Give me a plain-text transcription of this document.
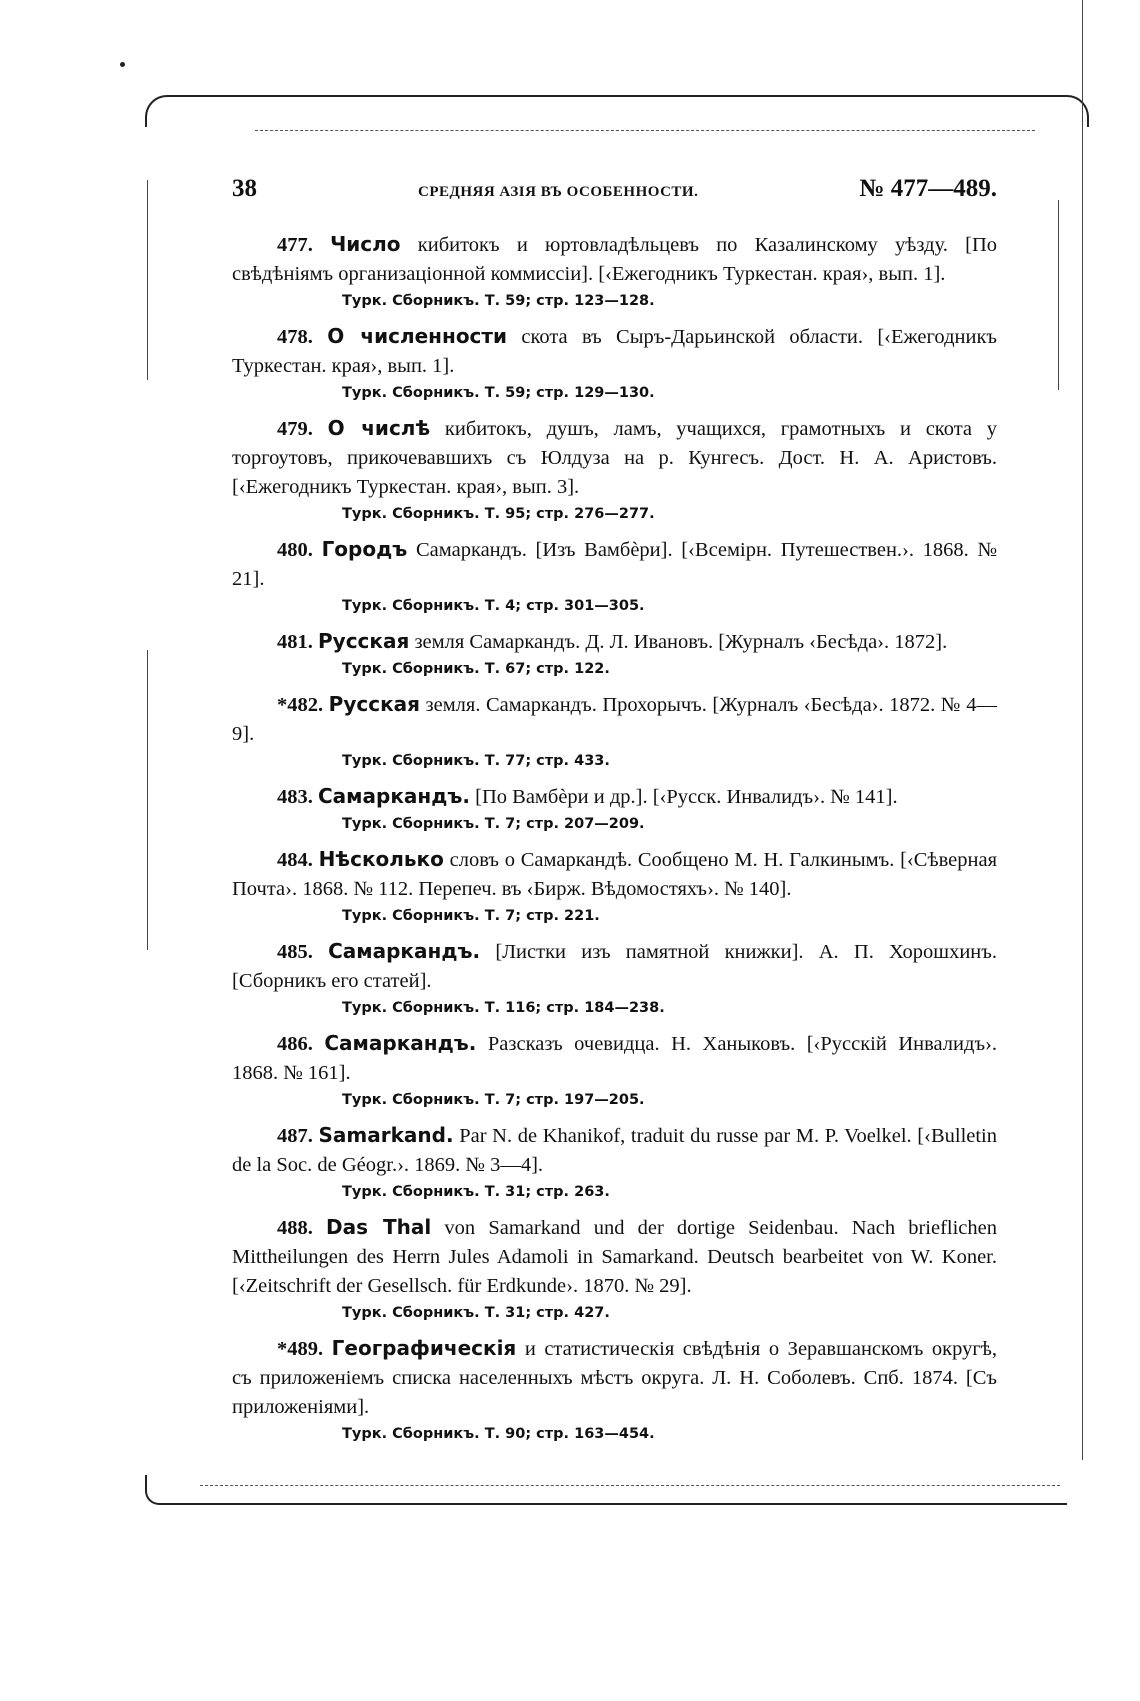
38	СРЕДНЯЯ АЗІЯ ВЪ ОСОБЕННОСТИ.	№ 477—489.
477. Число кибитокъ и юртовладѣльцевъ по Казалинскому уѣзду. [По свѣдѣніямъ организаціонной коммиссіи]. [‹Ежегодникъ Туркестан. края›, вып. 1].
Турк. Сборникъ. Т. 59; стр. 123—128.
478. О численности скота въ Сыръ-Дарьинской области. [‹Ежегодникъ Туркестан. края›, вып. 1].
Турк. Сборникъ. Т. 59; стр. 129—130.
479. О числѣ кибитокъ, душъ, ламъ, учащихся, грамотныхъ и скота у торгоутовъ, прикочевавшихъ съ Юлдуза на р. Кунгесъ. Дост. Н. А. Аристовъ. [‹Ежегодникъ Туркестан. края›, вып. 3].
Турк. Сборникъ. Т. 95; стр. 276—277.
480. Городъ Самаркандъ. [Изъ Вамбѐри]. [‹Всемірн. Путешествен.›. 1868. № 21].
Турк. Сборникъ. Т. 4; стр. 301—305.
481. Русская земля Самаркандъ. Д. Л. Ивановъ. [Журналъ ‹Бесѣда›. 1872].
Турк. Сборникъ. Т. 67; стр. 122.
*482. Русская земля. Самаркандъ. Прохорычъ. [Журналъ ‹Бесѣда›. 1872. № 4—9].
Турк. Сборникъ. Т. 77; стр. 433.
483. Самаркандъ. [По Вамбѐри и др.]. [‹Русск. Инвалидъ›. № 141].
Турк. Сборникъ. Т. 7; стр. 207—209.
484. Нѣсколько словъ о Самаркандѣ. Сообщено М. Н. Галкинымъ. [‹Сѣверная Почта›. 1868. № 112. Перепеч. въ ‹Бирж. Вѣдомостяхъ›. № 140].
Турк. Сборникъ. Т. 7; стр. 221.
485. Самаркандъ. [Листки изъ памятной книжки]. А. П. Хорошхинъ. [Сборникъ его статей].
Турк. Сборникъ. Т. 116; стр. 184—238.
486. Самаркандъ. Разсказъ очевидца. Н. Ханыковъ. [‹Русскій Инвалидъ›. 1868. № 161].
Турк. Сборникъ. Т. 7; стр. 197—205.
487. Samarkand. Par N. de Khanikof, traduit du russe par M. P. Voelkel. [‹Bulletin de la Soc. de Géogr.›. 1869. № 3—4].
Турк. Сборникъ. Т. 31; стр. 263.
488. Das Thal von Samarkand und der dortige Seidenbau. Nach brieflichen Mittheilungen des Herrn Jules Adamoli in Samarkand. Deutsch bearbeitet von W. Koner. [‹Zeitschrift der Gesellsch. für Erdkunde›. 1870. № 29].
Турк. Сборникъ. Т. 31; стр. 427.
*489. Географическія и статистическія свѣдѣнія о Зеравшанскомъ округѣ, съ приложеніемъ списка населенныхъ мѣстъ округа. Л. Н. Соболевъ. Спб. 1874. [Съ приложеніями].
Турк. Сборникъ. Т. 90; стр. 163—454.
